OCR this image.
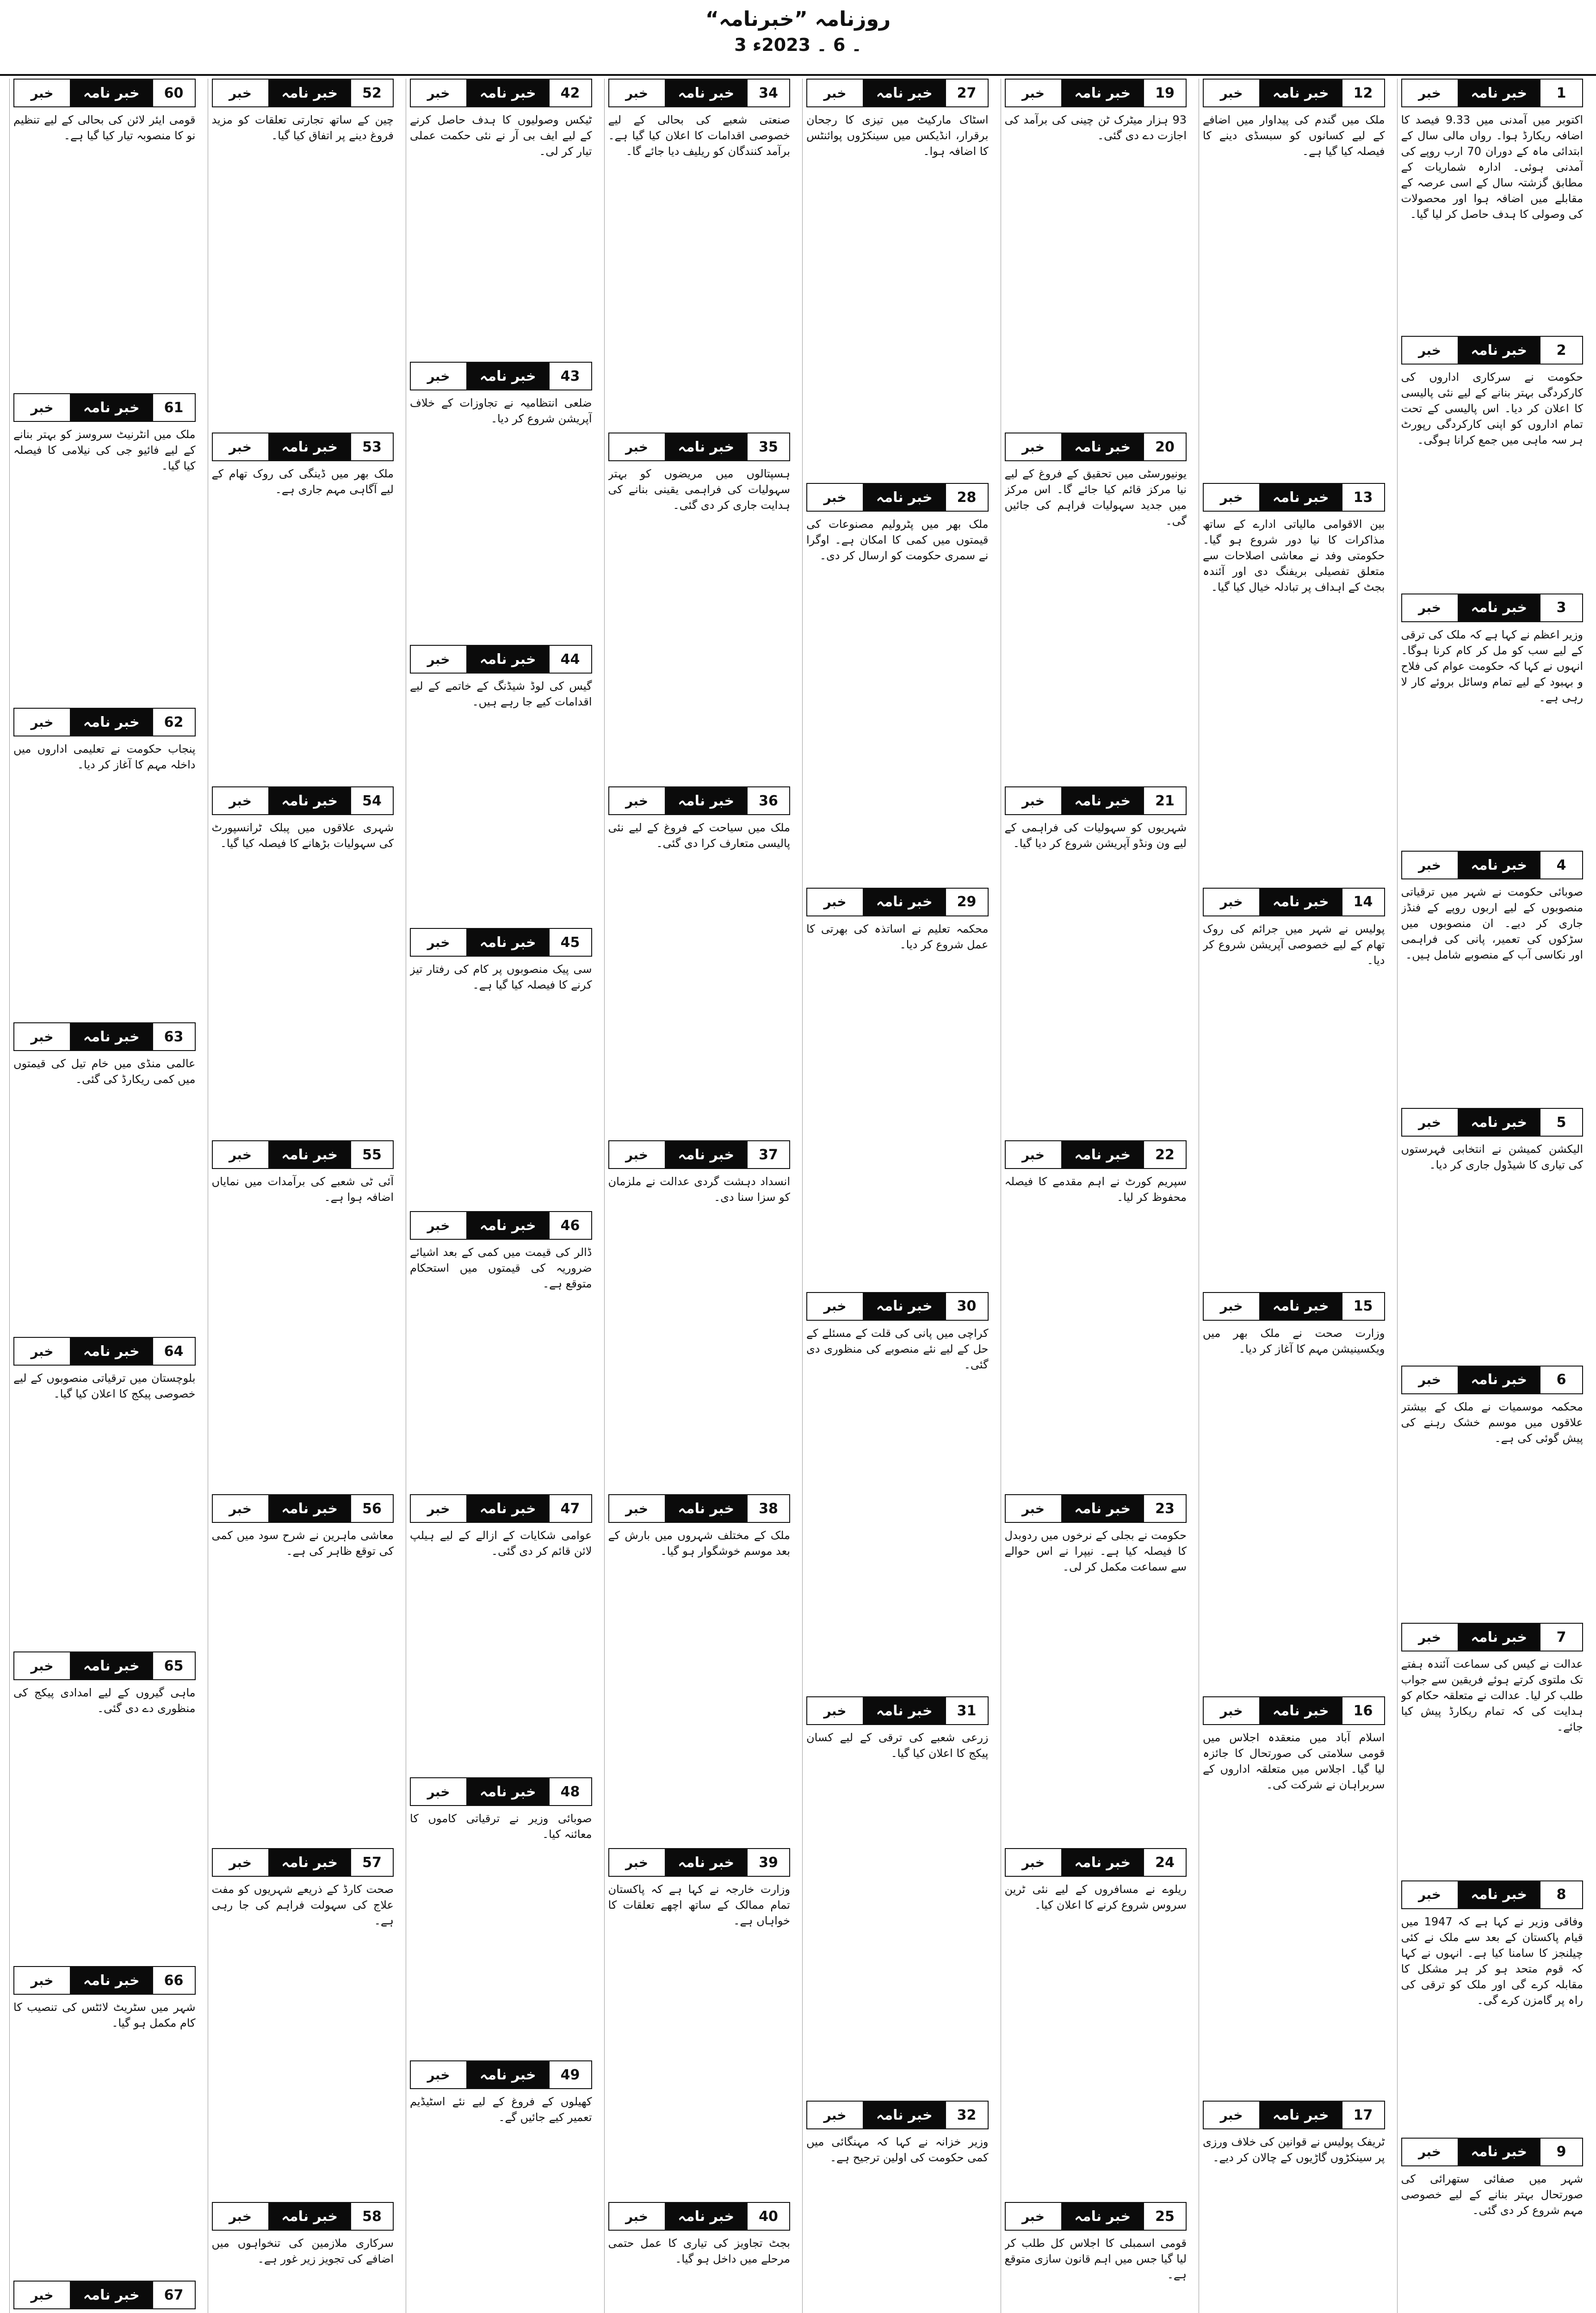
روزنامہ ”خبرنامہ“
3 ۔ 6 ۔ 2023ء
1
خبر نامہ
خبر
اکتوبر میں آمدنی میں 9.33 فیصد کا اضافہ ریکارڈ ہوا۔ رواں مالی سال کے ابتدائی ماہ کے دوران 70 ارب روپے کی آمدنی ہوئی۔ ادارہ شماریات کے مطابق گزشتہ سال کے اسی عرصہ کے مقابلے میں اضافہ ہوا اور محصولات کی وصولی کا ہدف حاصل کر لیا گیا۔
2
خبر نامہ
خبر
حکومت نے سرکاری اداروں کی کارکردگی بہتر بنانے کے لیے نئی پالیسی کا اعلان کر دیا۔ اس پالیسی کے تحت تمام اداروں کو اپنی کارکردگی رپورٹ ہر سہ ماہی میں جمع کرانا ہوگی۔
3
خبر نامہ
خبر
وزیر اعظم نے کہا ہے کہ ملک کی ترقی کے لیے سب کو مل کر کام کرنا ہوگا۔ انہوں نے کہا کہ حکومت عوام کی فلاح و بہبود کے لیے تمام وسائل بروئے کار لا رہی ہے۔
4
خبر نامہ
خبر
صوبائی حکومت نے شہر میں ترقیاتی منصوبوں کے لیے اربوں روپے کے فنڈز جاری کر دیے۔ ان منصوبوں میں سڑکوں کی تعمیر، پانی کی فراہمی اور نکاسی آب کے منصوبے شامل ہیں۔
5
خبر نامہ
خبر
الیکشن کمیشن نے انتخابی فہرستوں کی تیاری کا شیڈول جاری کر دیا۔
6
خبر نامہ
خبر
محکمہ موسمیات نے ملک کے بیشتر علاقوں میں موسم خشک رہنے کی پیش گوئی کی ہے۔
7
خبر نامہ
خبر
عدالت نے کیس کی سماعت آئندہ ہفتے تک ملتوی کرتے ہوئے فریقین سے جواب طلب کر لیا۔ عدالت نے متعلقہ حکام کو ہدایت کی کہ تمام ریکارڈ پیش کیا جائے۔
8
خبر نامہ
خبر
وفاقی وزیر نے کہا ہے کہ 1947 میں قیام پاکستان کے بعد سے ملک نے کئی چیلنجز کا سامنا کیا ہے۔ انہوں نے کہا کہ قوم متحد ہو کر ہر مشکل کا مقابلہ کرے گی اور ملک کو ترقی کی راہ پر گامزن کرے گی۔
9
خبر نامہ
خبر
شہر میں صفائی ستھرائی کی صورتحال بہتر بنانے کے لیے خصوصی مہم شروع کر دی گئی۔
12
خبر نامہ
خبر
ملک میں گندم کی پیداوار میں اضافے کے لیے کسانوں کو سبسڈی دینے کا فیصلہ کیا گیا ہے۔
13
خبر نامہ
خبر
بین الاقوامی مالیاتی ادارے کے ساتھ مذاکرات کا نیا دور شروع ہو گیا۔ حکومتی وفد نے معاشی اصلاحات سے متعلق تفصیلی بریفنگ دی اور آئندہ بجٹ کے اہداف پر تبادلہ خیال کیا گیا۔
14
خبر نامہ
خبر
پولیس نے شہر میں جرائم کی روک تھام کے لیے خصوصی آپریشن شروع کر دیا۔
15
خبر نامہ
خبر
وزارت صحت نے ملک بھر میں ویکسینیشن مہم کا آغاز کر دیا۔
16
خبر نامہ
خبر
اسلام آباد میں منعقدہ اجلاس میں قومی سلامتی کی صورتحال کا جائزہ لیا گیا۔ اجلاس میں متعلقہ اداروں کے سربراہان نے شرکت کی۔
17
خبر نامہ
خبر
ٹریفک پولیس نے قوانین کی خلاف ورزی پر سینکڑوں گاڑیوں کے چالان کر دیے۔
19
خبر نامہ
خبر
93 ہزار میٹرک ٹن چینی کی برآمد کی اجازت دے دی گئی۔
20
خبر نامہ
خبر
یونیورسٹی میں تحقیق کے فروغ کے لیے نیا مرکز قائم کیا جائے گا۔ اس مرکز میں جدید سہولیات فراہم کی جائیں گی۔
21
خبر نامہ
خبر
شہریوں کو سہولیات کی فراہمی کے لیے ون ونڈو آپریشن شروع کر دیا گیا۔
22
خبر نامہ
خبر
سپریم کورٹ نے اہم مقدمے کا فیصلہ محفوظ کر لیا۔
23
خبر نامہ
خبر
حکومت نے بجلی کے نرخوں میں ردوبدل کا فیصلہ کیا ہے۔ نیپرا نے اس حوالے سے سماعت مکمل کر لی۔
24
خبر نامہ
خبر
ریلوے نے مسافروں کے لیے نئی ٹرین سروس شروع کرنے کا اعلان کیا۔
25
خبر نامہ
خبر
قومی اسمبلی کا اجلاس کل طلب کر لیا گیا جس میں اہم قانون سازی متوقع ہے۔
27
خبر نامہ
خبر
اسٹاک مارکیٹ میں تیزی کا رجحان برقرار، انڈیکس میں سینکڑوں پوائنٹس کا اضافہ ہوا۔
28
خبر نامہ
خبر
ملک بھر میں پٹرولیم مصنوعات کی قیمتوں میں کمی کا امکان ہے۔ اوگرا نے سمری حکومت کو ارسال کر دی۔
29
خبر نامہ
خبر
محکمہ تعلیم نے اساتذہ کی بھرتی کا عمل شروع کر دیا۔
30
خبر نامہ
خبر
کراچی میں پانی کی قلت کے مسئلے کے حل کے لیے نئے منصوبے کی منظوری دی گئی۔
31
خبر نامہ
خبر
زرعی شعبے کی ترقی کے لیے کسان پیکج کا اعلان کیا گیا۔
32
خبر نامہ
خبر
وزیر خزانہ نے کہا کہ مہنگائی میں کمی حکومت کی اولین ترجیح ہے۔
34
خبر نامہ
خبر
صنعتی شعبے کی بحالی کے لیے خصوصی اقدامات کا اعلان کیا گیا ہے۔ برآمد کنندگان کو ریلیف دیا جائے گا۔
35
خبر نامہ
خبر
ہسپتالوں میں مریضوں کو بہتر سہولیات کی فراہمی یقینی بنانے کی ہدایت جاری کر دی گئی۔
36
خبر نامہ
خبر
ملک میں سیاحت کے فروغ کے لیے نئی پالیسی متعارف کرا دی گئی۔
37
خبر نامہ
خبر
انسداد دہشت گردی عدالت نے ملزمان کو سزا سنا دی۔
38
خبر نامہ
خبر
ملک کے مختلف شہروں میں بارش کے بعد موسم خوشگوار ہو گیا۔
39
خبر نامہ
خبر
وزارت خارجہ نے کہا ہے کہ پاکستان تمام ممالک کے ساتھ اچھے تعلقات کا خواہاں ہے۔
40
خبر نامہ
خبر
بجٹ تجاویز کی تیاری کا عمل حتمی مرحلے میں داخل ہو گیا۔
42
خبر نامہ
خبر
ٹیکس وصولیوں کا ہدف حاصل کرنے کے لیے ایف بی آر نے نئی حکمت عملی تیار کر لی۔
43
خبر نامہ
خبر
ضلعی انتظامیہ نے تجاوزات کے خلاف آپریشن شروع کر دیا۔
44
خبر نامہ
خبر
گیس کی لوڈ شیڈنگ کے خاتمے کے لیے اقدامات کیے جا رہے ہیں۔
45
خبر نامہ
خبر
سی پیک منصوبوں پر کام کی رفتار تیز کرنے کا فیصلہ کیا گیا ہے۔
46
خبر نامہ
خبر
ڈالر کی قیمت میں کمی کے بعد اشیائے ضروریہ کی قیمتوں میں استحکام متوقع ہے۔
47
خبر نامہ
خبر
عوامی شکایات کے ازالے کے لیے ہیلپ لائن قائم کر دی گئی۔
48
خبر نامہ
خبر
صوبائی وزیر نے ترقیاتی کاموں کا معائنہ کیا۔
49
خبر نامہ
خبر
کھیلوں کے فروغ کے لیے نئے اسٹیڈیم تعمیر کیے جائیں گے۔
52
خبر نامہ
خبر
چین کے ساتھ تجارتی تعلقات کو مزید فروغ دینے پر اتفاق کیا گیا۔
53
خبر نامہ
خبر
ملک بھر میں ڈینگی کی روک تھام کے لیے آگاہی مہم جاری ہے۔
54
خبر نامہ
خبر
شہری علاقوں میں پبلک ٹرانسپورٹ کی سہولیات بڑھانے کا فیصلہ کیا گیا۔
55
خبر نامہ
خبر
آئی ٹی شعبے کی برآمدات میں نمایاں اضافہ ہوا ہے۔
56
خبر نامہ
خبر
معاشی ماہرین نے شرح سود میں کمی کی توقع ظاہر کی ہے۔
57
خبر نامہ
خبر
صحت کارڈ کے ذریعے شہریوں کو مفت علاج کی سہولت فراہم کی جا رہی ہے۔
58
خبر نامہ
خبر
سرکاری ملازمین کی تنخواہوں میں اضافے کی تجویز زیر غور ہے۔
60
خبر نامہ
خبر
قومی ایئر لائن کی بحالی کے لیے تنظیم نو کا منصوبہ تیار کیا گیا ہے۔
61
خبر نامہ
خبر
ملک میں انٹرنیٹ سروسز کو بہتر بنانے کے لیے فائیو جی کی نیلامی کا فیصلہ کیا گیا۔
62
خبر نامہ
خبر
پنجاب حکومت نے تعلیمی اداروں میں داخلہ مہم کا آغاز کر دیا۔
63
خبر نامہ
خبر
عالمی منڈی میں خام تیل کی قیمتوں میں کمی ریکارڈ کی گئی۔
64
خبر نامہ
خبر
بلوچستان میں ترقیاتی منصوبوں کے لیے خصوصی پیکج کا اعلان کیا گیا۔
65
خبر نامہ
خبر
ماہی گیروں کے لیے امدادی پیکج کی منظوری دے دی گئی۔
66
خبر نامہ
خبر
شہر میں سٹریٹ لائٹس کی تنصیب کا کام مکمل ہو گیا۔
67
خبر نامہ
خبر
